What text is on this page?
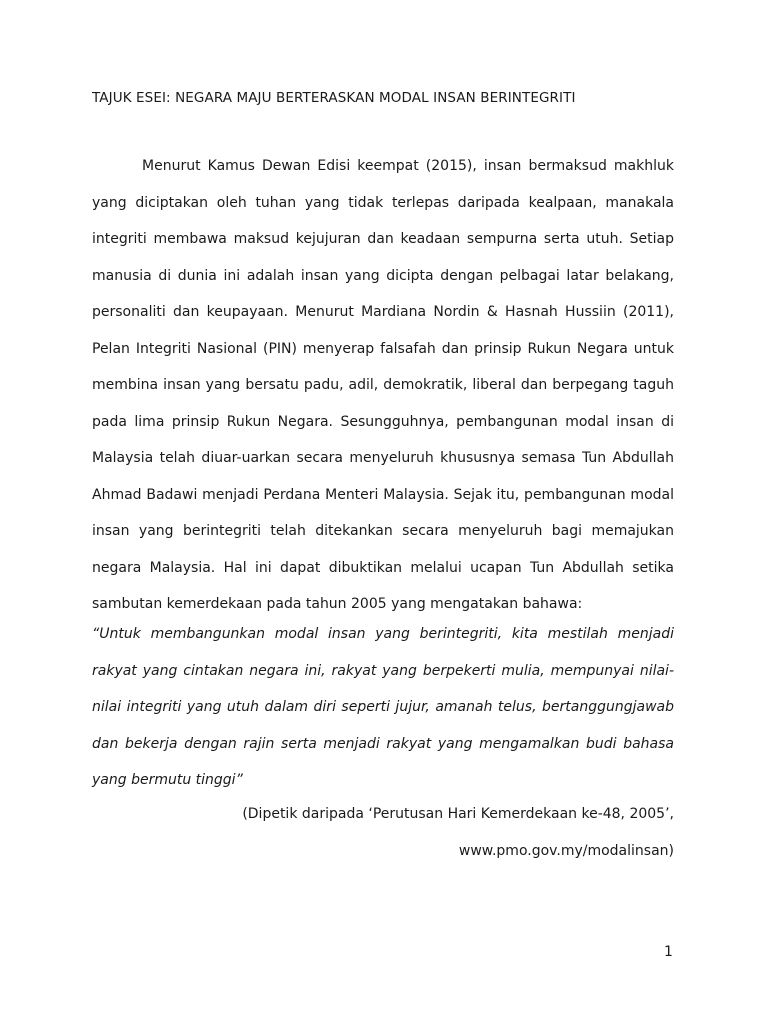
TAJUK ESEI: NEGARA MAJU BERTERASKAN MODAL INSAN BERINTEGRITI

Menurut Kamus Dewan Edisi keempat (2015), insan bermaksud makhluk yang diciptakan oleh tuhan yang tidak terlepas daripada kealpaan, manakala integriti membawa maksud kejujuran dan keadaan sempurna serta utuh. Setiap manusia di dunia ini adalah insan yang dicipta dengan pelbagai latar belakang, personaliti dan keupayaan. Menurut Mardiana Nordin & Hasnah Hussiin (2011), Pelan Integriti Nasional (PIN) menyerap falsafah dan prinsip Rukun Negara untuk membina insan yang bersatu padu, adil, demokratik, liberal dan berpegang taguh pada lima prinsip Rukun Negara. Sesungguhnya, pembangunan modal insan di Malaysia telah diuar-uarkan secara menyeluruh khususnya semasa Tun Abdullah Ahmad Badawi menjadi Perdana Menteri Malaysia. Sejak itu, pembangunan modal insan yang berintegriti telah ditekankan secara menyeluruh bagi memajukan negara Malaysia. Hal ini dapat dibuktikan melalui ucapan Tun Abdullah setika sambutan kemerdekaan pada tahun 2005 yang mengatakan bahawa:

“Untuk membangunkan modal insan yang berintegriti, kita mestilah menjadi rakyat yang cintakan negara ini, rakyat yang berpekerti mulia, mempunyai nilai-nilai integriti yang utuh dalam diri seperti jujur, amanah telus, bertanggungjawab dan bekerja dengan rajin serta menjadi rakyat yang mengamalkan budi bahasa yang bermutu tinggi”

(Dipetik daripada ‘Perutusan Hari Kemerdekaan ke-48, 2005’,
www.pmo.gov.my/modalinsan)
1
